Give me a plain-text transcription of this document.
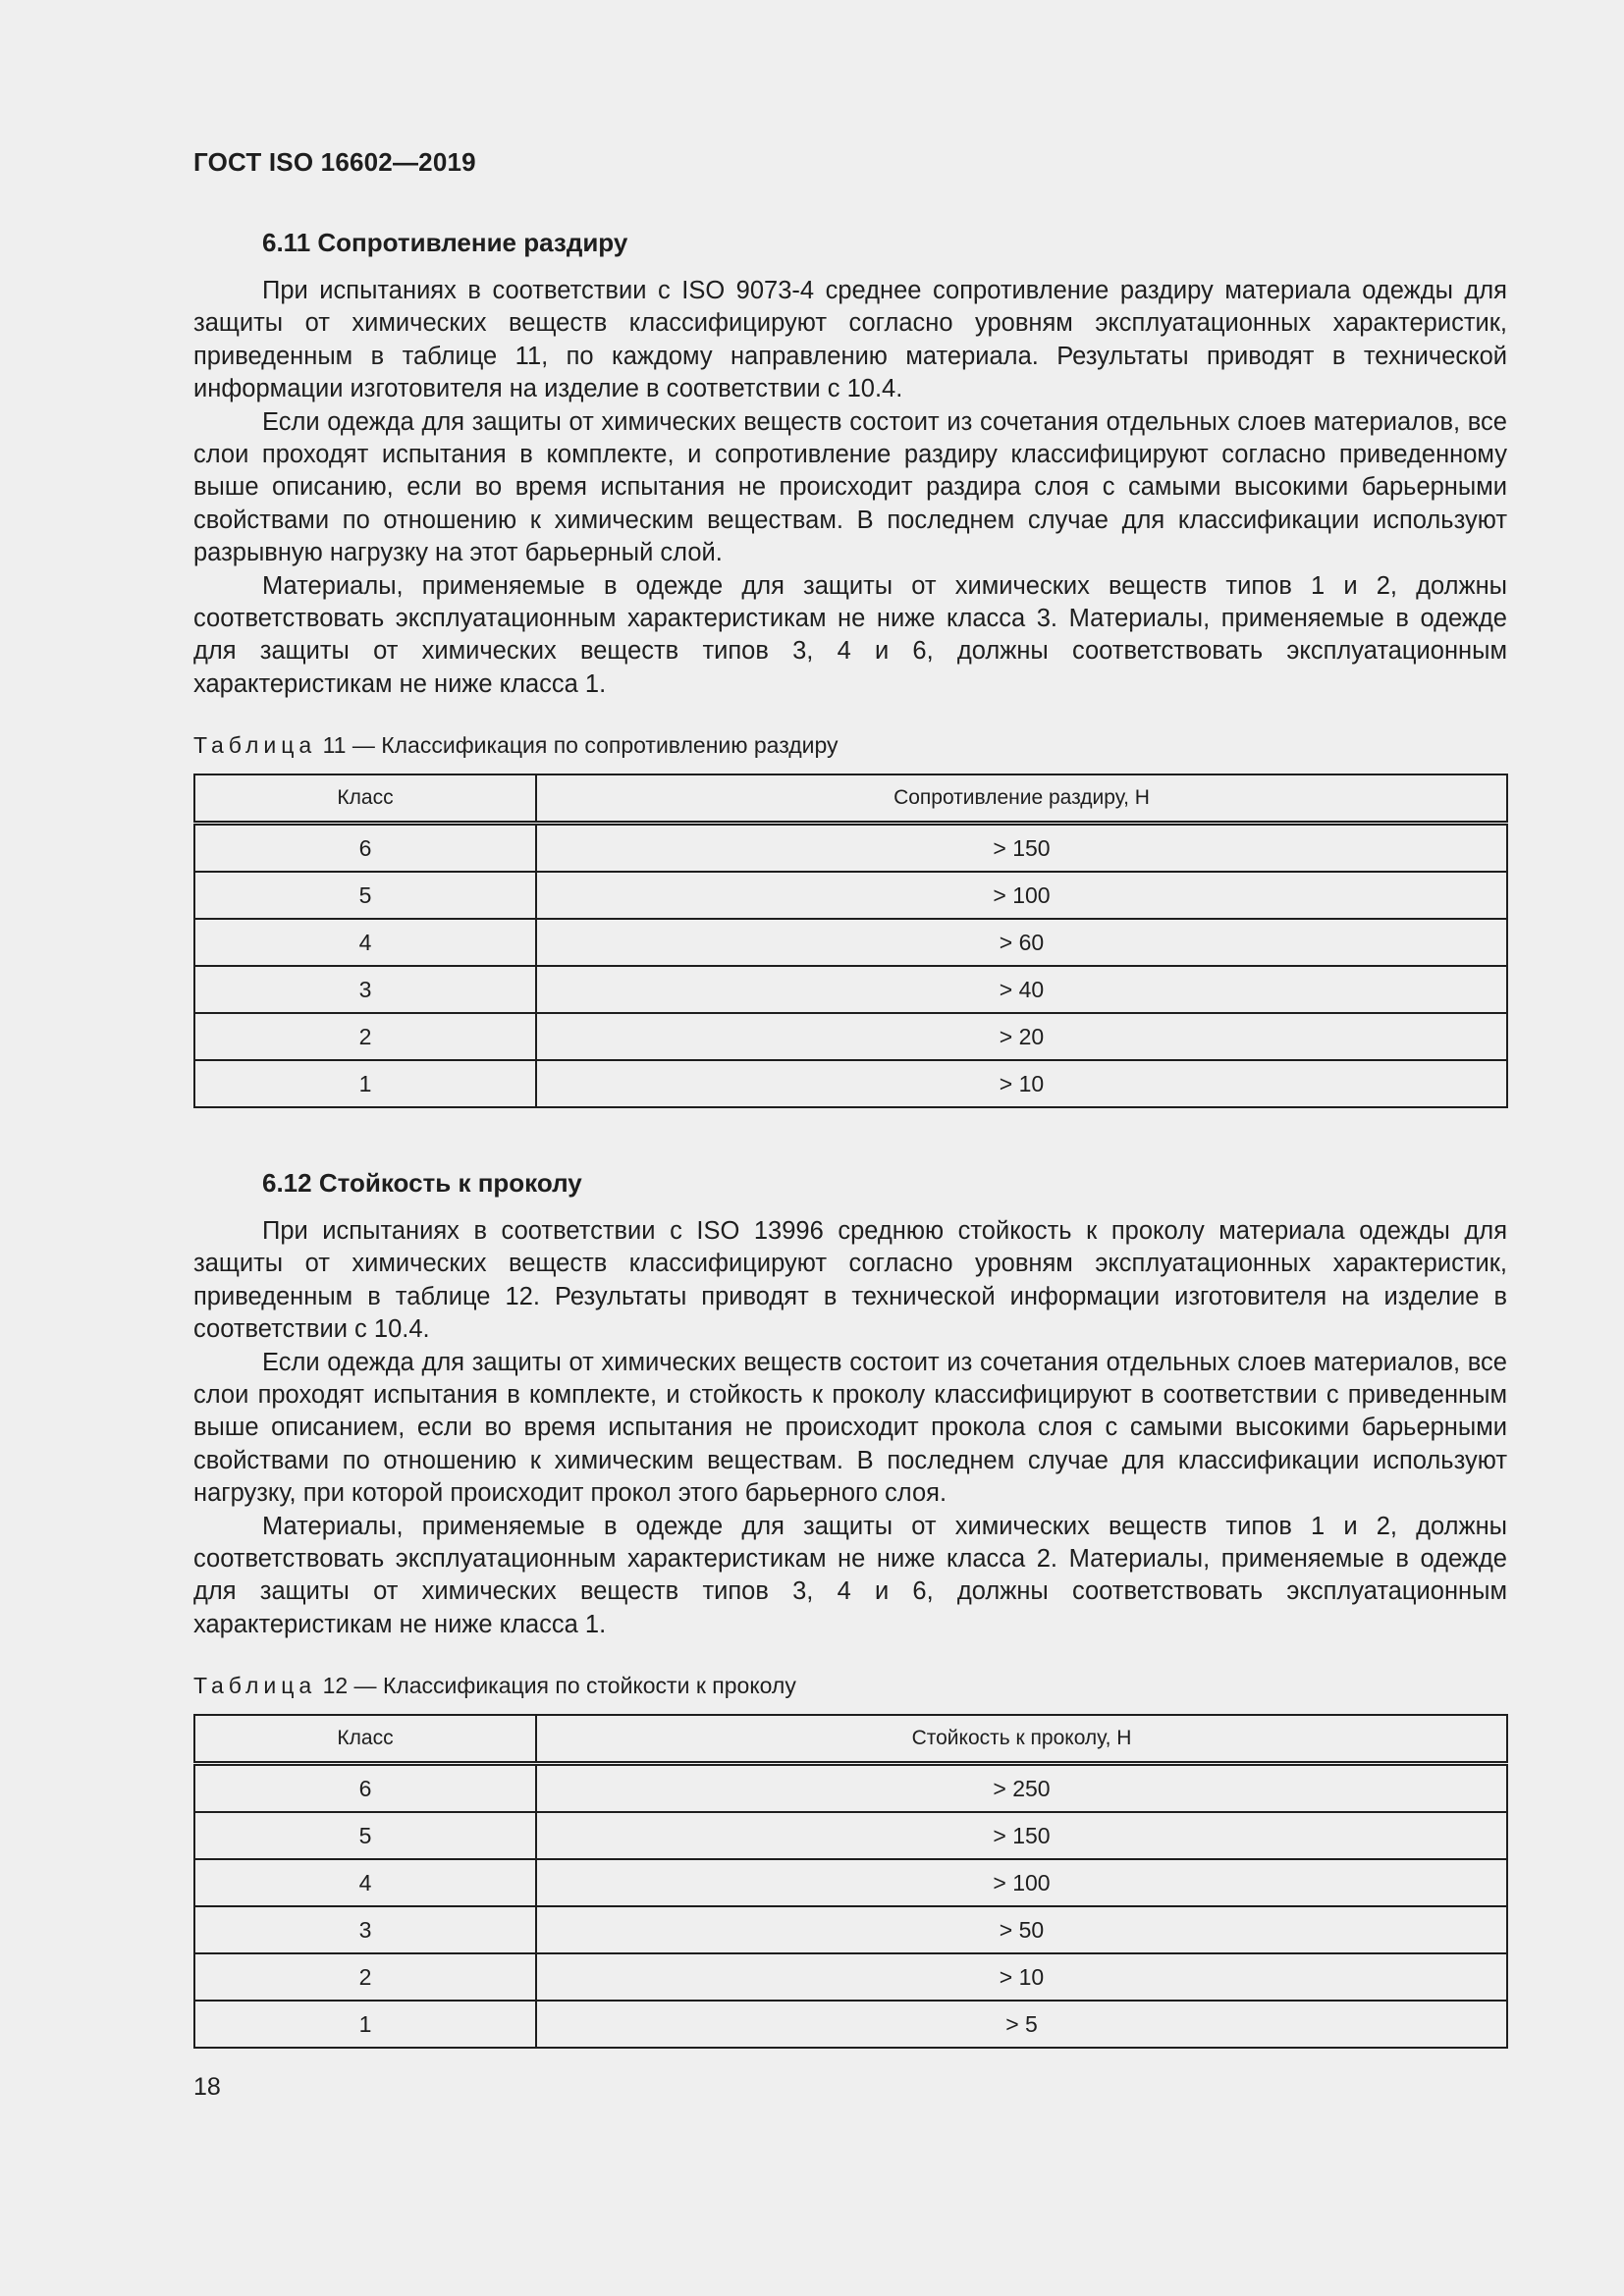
ГОСТ ISO 16602—2019
6.11 Сопротивление раздиру

При испытаниях в соответствии с ISO 9073-4 среднее сопротивление раздиру материала одежды для защиты от химических веществ классифицируют согласно уровням эксплуатационных характеристик, приведенным в таблице 11, по каждому направлению материала. Результаты приводят в технической информации изготовителя на изделие в соответствии с 10.4.

Если одежда для защиты от химических веществ состоит из сочетания отдельных слоев материалов, все слои проходят испытания в комплекте, и сопротивление раздиру классифицируют согласно приведенному выше описанию, если во время испытания не происходит раздира слоя с самыми высокими барьерными свойствами по отношению к химическим веществам. В последнем случае для классификации используют разрывную нагрузку на этот барьерный слой.

Материалы, применяемые в одежде для защиты от химических веществ типов 1 и 2, должны соответствовать эксплуатационным характеристикам не ниже класса 3. Материалы, применяемые в одежде для защиты от химических веществ типов 3, 4 и 6, должны соответствовать эксплуатационным характеристикам не ниже класса 1.

Таблица 11 — Классификация по сопротивлению раздиру
Класс	Сопротивление раздиру, Н
6	> 150
5	> 100
4	> 60
3	> 40
2	> 20
1	> 10
6.12 Стойкость к проколу

При испытаниях в соответствии с ISO 13996 среднюю стойкость к проколу материала одежды для защиты от химических веществ классифицируют согласно уровням эксплуатационных характеристик, приведенным в таблице 12. Результаты приводят в технической информации изготовителя на изделие в соответствии с 10.4.

Если одежда для защиты от химических веществ состоит из сочетания отдельных слоев материалов, все слои проходят испытания в комплекте, и стойкость к проколу классифицируют в соответствии с приведенным выше описанием, если во время испытания не происходит прокола слоя с самыми высокими барьерными свойствами по отношению к химическим веществам. В последнем случае для классификации используют нагрузку, при которой происходит прокол этого барьерного слоя.

Материалы, применяемые в одежде для защиты от химических веществ типов 1 и 2, должны соответствовать эксплуатационным характеристикам не ниже класса 2. Материалы, применяемые в одежде для защиты от химических веществ типов 3, 4 и 6, должны соответствовать эксплуатационным характеристикам не ниже класса 1.

Таблица 12 — Классификация по стойкости к проколу
Класс	Стойкость к проколу, Н
6	> 250
5	> 150
4	> 100
3	> 50
2	> 10
1	> 5
18
